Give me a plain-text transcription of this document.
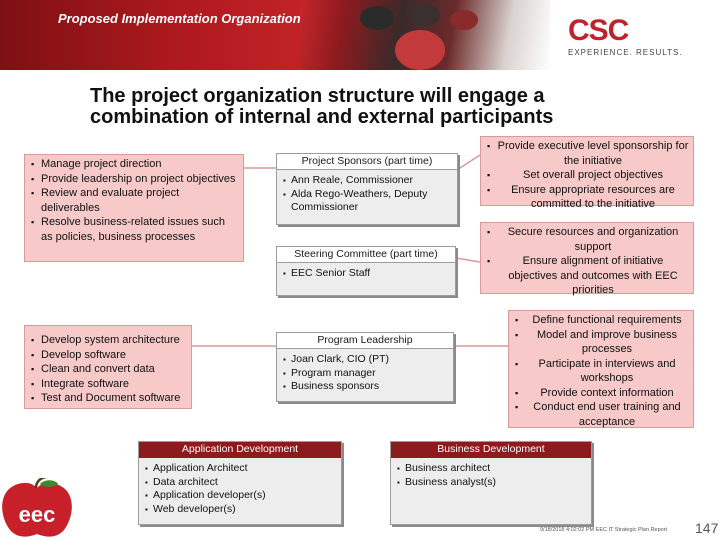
Proposed Implementation Organization	CSC
EXPERIENCE. RESULTS.
The project organization structure will engage a combination of internal and external participants
▪ Manage project direction
▪ Provide leadership on project objectives
▪ Review and evaluate project deliverables
▪ Resolve business-related issues such as policies, business processes
▪ Develop system architecture
▪ Develop software
▪ Clean and convert data
▪ Integrate software
▪ Test and Document software
▪ Provide executive level sponsorship for the initiative
▪ Set overall project objectives
▪ Ensure appropriate resources are committed to the initiative
▪ Secure resources and organization support
▪ Ensure alignment of initiative objectives and outcomes with EEC priorities
▪ Define functional requirements
▪ Model and improve business processes
▪ Participate in interviews and workshops
▪ Provide context information
▪ Conduct end user training and acceptance
Project Sponsors (part time)
▪ Ann Reale, Commissioner
▪ Alda Rego-Weathers, Deputy Commissioner
Steering Committee (part time)
▪ EEC Senior Staff
Program Leadership
▪ Joan Clark, CIO (PT)
▪ Program manager
▪ Business sponsors
Application Development
▪ Application Architect
▪ Data architect
▪ Application developer(s)
▪ Web developer(s)
Business Development
▪ Business architect
▪ Business analyst(s)
eec
9/18/2018 4:02:02 PM EEC IT Strategic Plan Report 147
